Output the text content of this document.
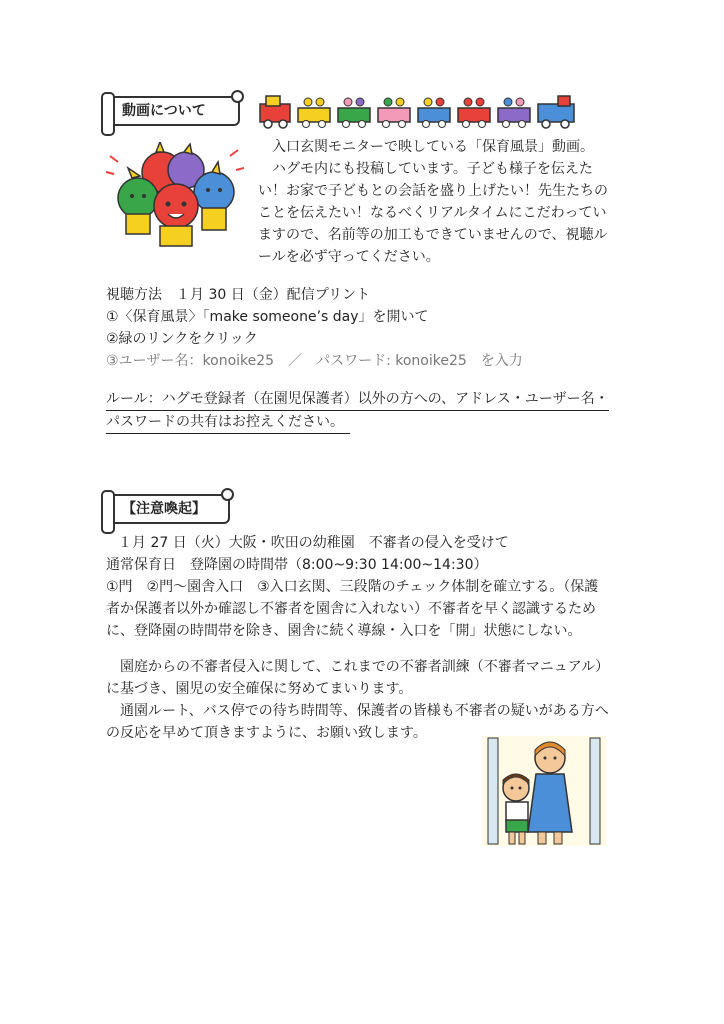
動画について
入口玄関モニターで映している「保育風景」動画。
ハグモ内にも投稿しています。子ども様子を伝えた
い！お家で子どもとの会話を盛り上げたい！先生たちの
ことを伝えたい！なるべくリアルタイムにこだわってい
ますので、名前等の加工もできていませんので、視聴ル
ールを必ず守ってください。
視聴方法　１月 30 日（金）配信プリント
①〈保育風景〉「make someone’s day」を開いて
②緑のリンクをクリック
③ユーザー名：konoike25　／　パスワード: konoike25　を入力
ルール：ハグモ登録者（在園児保護者）以外の方への、アドレス・ユーザー名・
パスワードの共有はお控えください。
【注意喚起】
１月 27 日（火）大阪・吹田の幼稚園　不審者の侵入を受けて
通常保育日　登降園の時間帯（8:00~9:30 14:00~14:30）
①門　②門～園舎入口　③入口玄関、三段階のチェック体制を確立する。（保護
者か保護者以外か確認し不審者を園舎に入れない）不審者を早く認識するため
に、登降園の時間帯を除き、園舎に続く導線・入口を「開」状態にしない。
園庭からの不審者侵入に関して、これまでの不審者訓練（不審者マニュアル）
に基づき、園児の安全確保に努めてまいります。
通園ルート、バス停での待ち時間等、保護者の皆様も不審者の疑いがある方へ
の反応を早めて頂きますように、お願い致します。
